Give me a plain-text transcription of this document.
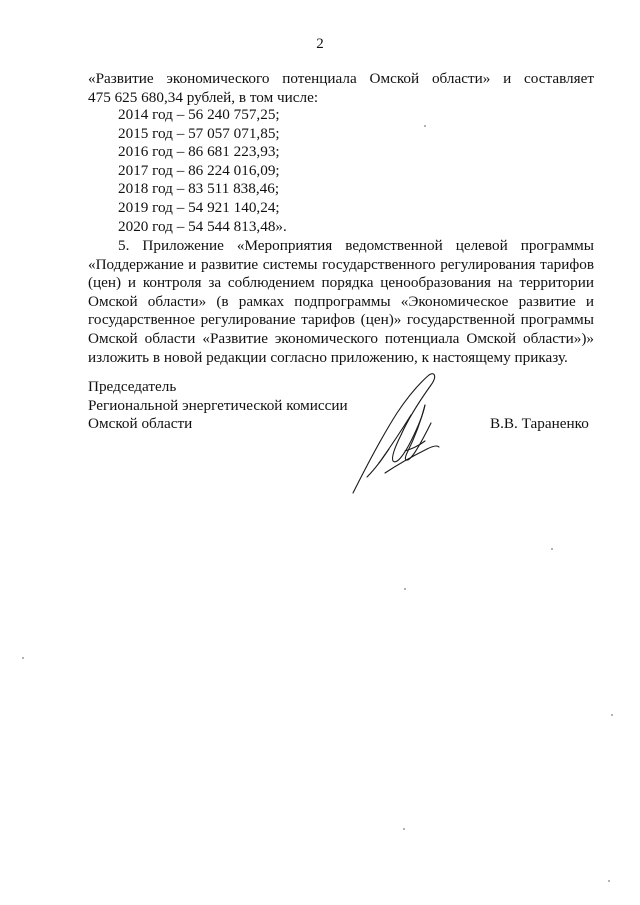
2
«Развитие экономического потенциала Омской области» и составляет
475 625 680,34 рублей, в том числе:
2014 год – 56 240 757,25;
2015 год – 57 057 071,85;
2016 год – 86 681 223,93;
2017 год – 86 224 016,09;
2018 год – 83 511 838,46;
2019 год – 54 921 140,24;
2020 год – 54 544 813,48».
5. Приложение «Мероприятия ведомственной целевой программы
«Поддержание и развитие системы государственного регулирования тарифов
(цен) и контроля за соблюдением порядка ценообразования на территории
Омской области» (в рамках подпрограммы «Экономическое развитие и
государственное регулирование тарифов (цен)» государственной программы
Омской области «Развитие экономического потенциала Омской области»)»
изложить в новой редакции согласно приложению, к настоящему приказу.
Председатель
Региональной энергетической комиссии
Омской области	В.В. Тараненко
